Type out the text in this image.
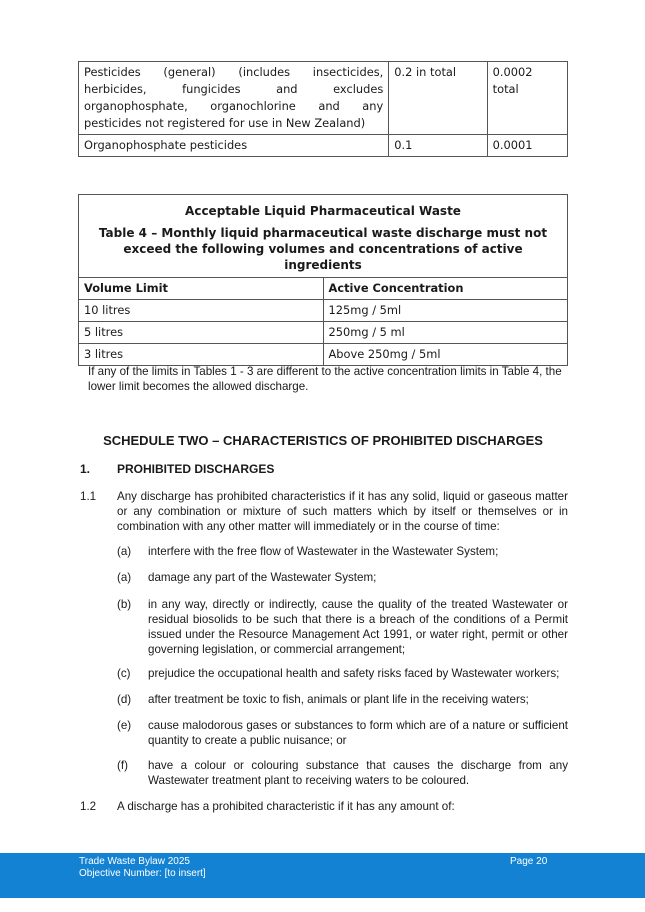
Pesticides (general) (includes insecticides, herbicides, fungicides and excludes organophosphate, organochlorine and any pesticides not registered for use in New Zealand)	0.2 in total	0.0002 total
Organophosphate pesticides	0.1	0.0001
Acceptable Liquid Pharmaceutical Waste
Table 4 – Monthly liquid pharmaceutical waste discharge must not exceed the following volumes and concentrations of active ingredients	

Volume Limit	Active Concentration
10 litres	125mg / 5ml
5 litres	250mg / 5 ml
3 litres	Above 250mg / 5ml
If any of the limits in Tables 1 - 3 are different to the active concentration limits in Table 4, the lower limit becomes the allowed discharge.
SCHEDULE TWO – CHARACTERISTICS OF PROHIBITED DISCHARGES
1. PROHIBITED DISCHARGES
1.1 Any discharge has prohibited characteristics if it has any solid, liquid or gaseous matter or any combination or mixture of such matters which by itself or themselves or in combination with any other matter will immediately or in the course of time:
(a) interfere with the free flow of Wastewater in the Wastewater System;
(a) damage any part of the Wastewater System;
(b) in any way, directly or indirectly, cause the quality of the treated Wastewater or residual biosolids to be such that there is a breach of the conditions of a Permit issued under the Resource Management Act 1991, or water right, permit or other governing legislation, or commercial arrangement;
(c) prejudice the occupational health and safety risks faced by Wastewater workers;
(d) after treatment be toxic to fish, animals or plant life in the receiving waters;
(e) cause malodorous gases or substances to form which are of a nature or sufficient quantity to create a public nuisance; or
(f) have a colour or colouring substance that causes the discharge from any Wastewater treatment plant to receiving waters to be coloured.
1.2 A discharge has a prohibited characteristic if it has any amount of:
Trade Waste Bylaw 2025
Objective Number: [to insert]
Page 20
